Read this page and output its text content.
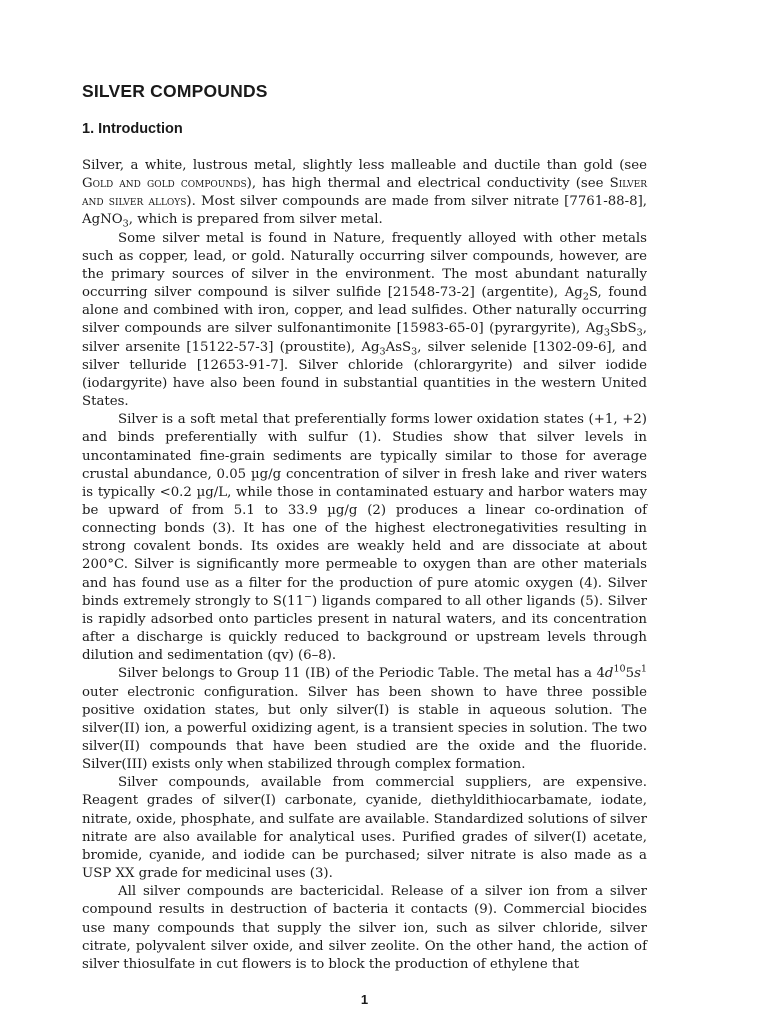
SILVER COMPOUNDS
1. Introduction

Silver, a white, lustrous metal, slightly less malleable and ductile than gold (see Gold and gold compounds), has high thermal and electrical conductivity (see Silver and silver alloys). Most silver compounds are made from silver nitrate [7761-88-8], AgNO$_3$, which is prepared from silver metal.

Some silver metal is found in Nature, frequently alloyed with other metals such as copper, lead, or gold. Naturally occurring silver compounds, however, are the primary sources of silver in the environment. The most abundant naturally occurring silver compound is silver sulfide [21548-73-2] (argentite), $Ag_2S$, found alone and combined with iron, copper, and lead sulfides. Other naturally occurring silver compounds are silver sulfonantimonite [15983-65-0] (pyrargyrite), $Ag_3SbS_3$, silver arsenite [15122-57-3] (proustite), $Ag_3AsS_3$, silver selenide [1302-09-6], and silver telluride [12653-91-7]. Silver chloride (chlorargyrite) and silver iodide (iodargyrite) have also been found in substantial quantities in the western United States.

Silver is a soft metal that preferentially forms lower oxidation states (+1, +2) and binds preferentially with sulfur (1). Studies show that silver levels in uncontaminated fine-grain sediments are typically similar to those for average crustal abundance, 0.05 µg/g concentration of silver in fresh lake and river waters is typically <0.2 µg/L, while those in contaminated estuary and harbor waters may be upward of from 5.1 to 33.9 µg/g (2) produces a linear co-ordination of connecting bonds (3). It has one of the highest electronegativities resulting in strong covalent bonds. Its oxides are weakly held and are dissociate at about 200°C. Silver is significantly more permeable to oxygen than are other materials and has found use as a filter for the production of pure atomic oxygen (4). Silver binds extremely strongly to S(11−) ligands compared to all other ligands (5). Silver is rapidly adsorbed onto particles present in natural waters, and its concentration after a discharge is quickly reduced to background or upstream levels through dilution and sedimentation (qv) (6–8).

Silver belongs to Group 11 (IB) of the Periodic Table. The metal has a $4d^{10}5s^1$ outer electronic configuration. Silver has been shown to have three possible positive oxidation states, but only silver(I) is stable in aqueous solution. The silver(II) ion, a powerful oxidizing agent, is a transient species in solution. The two silver(II) compounds that have been studied are the oxide and the fluoride. Silver(III) exists only when stabilized through complex formation.

Silver compounds, available from commercial suppliers, are expensive. Reagent grades of silver(I) carbonate, cyanide, diethyldithiocarbamate, iodate, nitrate, oxide, phosphate, and sulfate are available. Standardized solutions of silver nitrate are also available for analytical uses. Purified grades of silver(I) acetate, bromide, cyanide, and iodide can be purchased; silver nitrate is also made as a USP XX grade for medicinal uses (3).

All silver compounds are bactericidal. Release of a silver ion from a silver compound results in destruction of bacteria it contacts (9). Commercial biocides use many compounds that supply the silver ion, such as silver chloride, silver citrate, polyvalent silver oxide, and silver zeolite. On the other hand, the action of silver thiosulfate in cut flowers is to block the production of ethylene that

1
